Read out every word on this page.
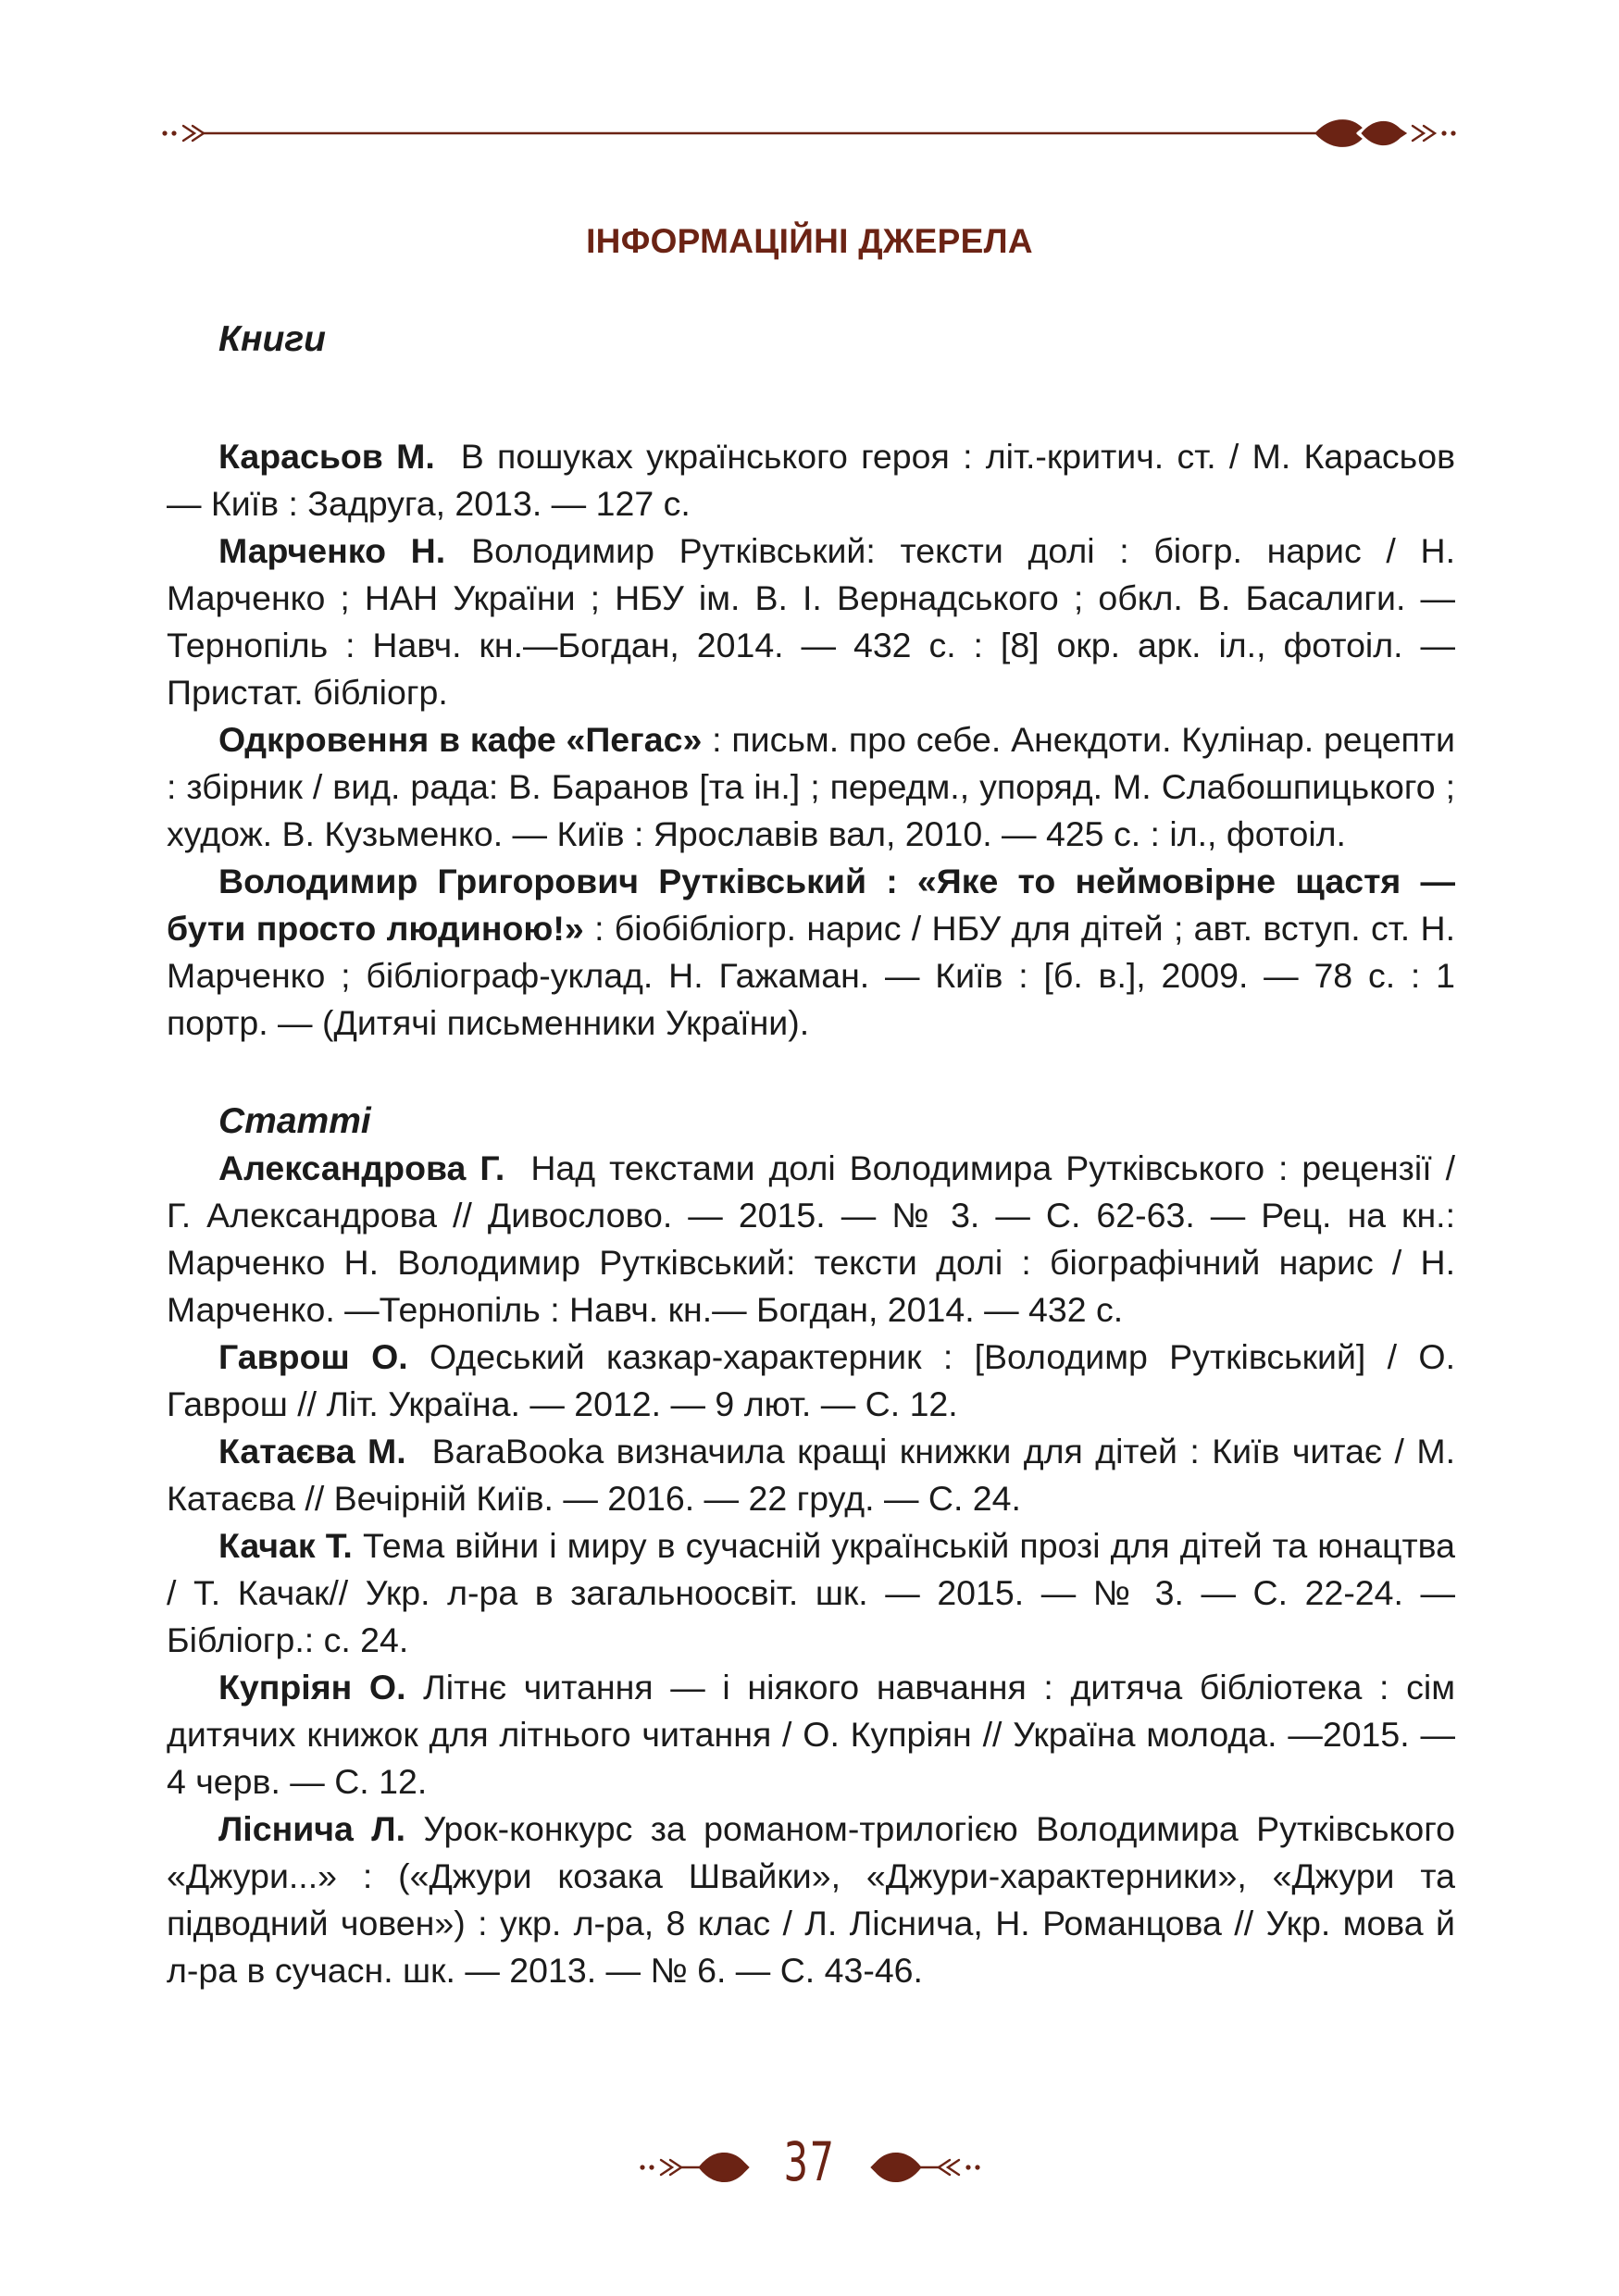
ІНФОРМАЦІЙНІ ДЖЕРЕЛА
Книги

Карасьов М. В пошуках українського героя : літ.-критич. ст. / М. Карасьов — Київ : Задруга, 2013. — 127 с.

Марченко Н. Володимир Рутківський: тексти долі : біогр. нарис / Н. Марченко ; НАН України ; НБУ ім. В. І. Вернадського ; обкл. В. Басалиги. — Тернопіль : Навч. кн.—Богдан, 2014. — 432 с. : [8] окр. арк. іл., фотоіл. — Пристат. бібліогр.

Одкровення в кафе «Пегас» : письм. про себе. Анекдоти. Кулінар. рецепти : збірник / вид. рада: В. Баранов [та ін.] ; передм., упоряд. М. Слабошпицького ; худож. В. Кузьменко. — Київ : Ярославів вал, 2010. — 425 с. : іл., фотоіл.

Володимир Григорович Рутківський : «Яке то неймовірне щастя — бути просто людиною!» : біобібліогр. нарис / НБУ для дітей ; авт. вступ. ст. Н. Марченко ; бібліограф-уклад. Н. Гажаман. — Київ : [б. в.], 2009. — 78 с. : 1 портр. — (Дитячі письменники України).

Статті

Александрова Г. Над текстами долі Володимира Рутківського : рецензії / Г. Александрова // Дивослово. — 2015. — № 3. — С. 62-63. — Рец. на кн.: Марченко Н. Володимир Рутківський: тексти долі : біографічний нарис / Н. Марченко. —Тернопіль : Навч. кн.— Богдан, 2014. — 432 с.

Гаврош О. Одеський казкар-характерник : [Володимр Рутківський] / О. Гаврош // Літ. Україна. — 2012. — 9 лют. — С. 12.

Катаєва М. BaraBooka визначила кращі книжки для дітей : Київ читає / М. Катаєва // Вечірній Київ. — 2016. — 22 груд. — С. 24.

Качак Т. Тема війни і миру в сучасній українській прозі для дітей та юнацтва / Т. Качак// Укр. л-ра в загальноосвіт. шк. — 2015. — № 3. — С. 22-24. — Бібліогр.: с. 24.

Купріян О. Літнє читання — і ніякого навчання : дитяча бібліотека : сім дитячих книжок для літнього читання / О. Купріян // Україна молода. —2015. — 4 черв. — С. 12.

Ліснича Л. Урок-конкурс за романом-трилогією Володимира Рутківського «Джури...» : («Джури козака Швайки», «Джури-характерники», «Джури та підводний човен») : укр. л-ра, 8 клас / Л. Ліснича, Н. Романцова // Укр. мова й л-ра в сучасн. шк. — 2013. — № 6. — С. 43-46.

37
